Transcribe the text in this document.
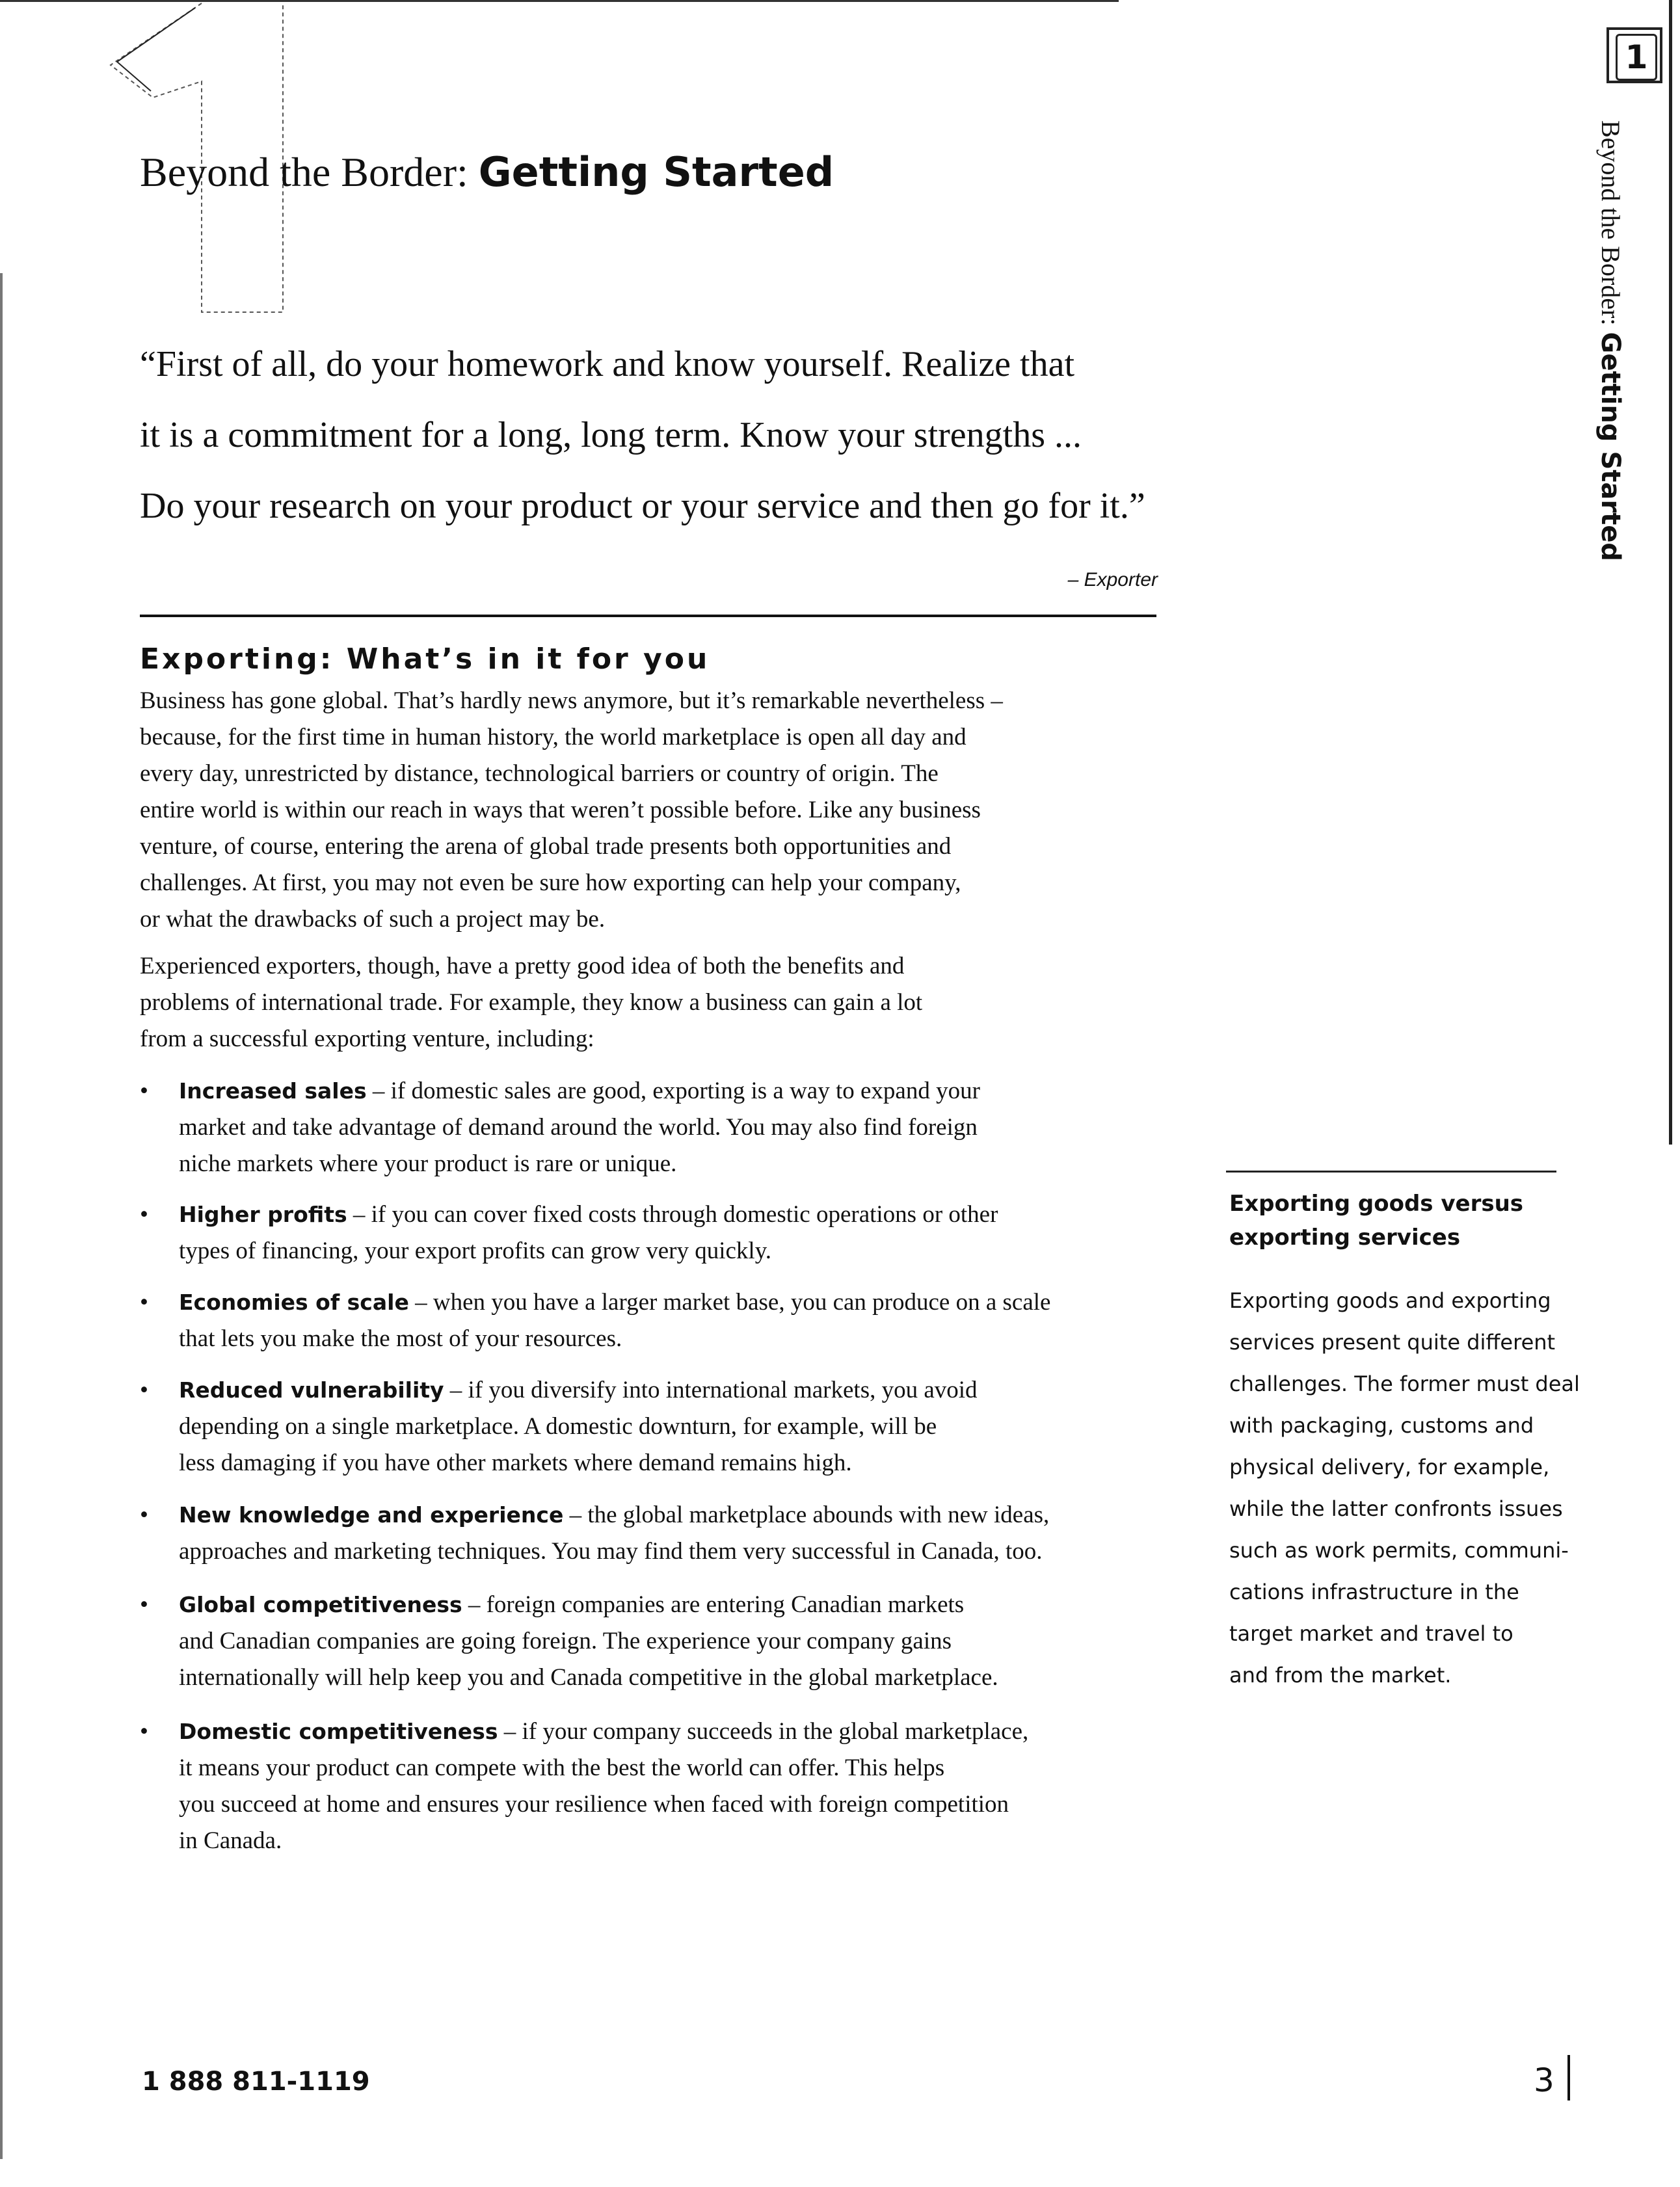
Beyond the Border: Getting Started
“First of all, do your homework and know yourself. Realize that
it is a commitment for a long, long term. Know your strengths ...
Do your research on your product or your service and then go for it.”
– Exporter
Exporting: What’s in it for you

Business has gone global. That’s hardly news anymore, but it’s remarkable nevertheless –

because, for the first time in human history, the world marketplace is open all day and

every day, unrestricted by distance, technological barriers or country of origin. The

entire world is within our reach in ways that weren’t possible before. Like any business

venture, of course, entering the arena of global trade presents both opportunities and

challenges. At first, you may not even be sure how exporting can help your company,

or what the drawbacks of such a project may be.

Experienced exporters, though, have a pretty good idea of both the benefits and

problems of international trade. For example, they know a business can gain a lot

from a successful exporting venture, including:

• Increased sales – if domestic sales are good, exporting is a way to expand your

market and take advantage of demand around the world. You may also find foreign

niche markets where your product is rare or unique.

• Higher profits – if you can cover fixed costs through domestic operations or other

types of financing, your export profits can grow very quickly.

• Economies of scale – when you have a larger market base, you can produce on a scale

that lets you make the most of your resources.

• Reduced vulnerability – if you diversify into international markets, you avoid

depending on a single marketplace. A domestic downturn, for example, will be

less damaging if you have other markets where demand remains high.

• New knowledge and experience – the global marketplace abounds with new ideas,

approaches and marketing techniques. You may find them very successful in Canada, too.

• Global competitiveness – foreign companies are entering Canadian markets

and Canadian companies are going foreign. The experience your company gains

internationally will help keep you and Canada competitive in the global marketplace.

• Domestic competitiveness – if your company succeeds in the global marketplace,

it means your product can compete with the best the world can offer. This helps

you succeed at home and ensures your resilience when faced with foreign competition

in Canada.

Exporting goods versus
exporting services

Exporting goods and exporting

services present quite different

challenges. The former must deal

with packaging, customs and

physical delivery, for example,

while the latter confronts issues

such as work permits, communi-

cations infrastructure in the

target market and travel to

and from the market.

1
Beyond the Border: Getting Started
1 888 811-1119	3
